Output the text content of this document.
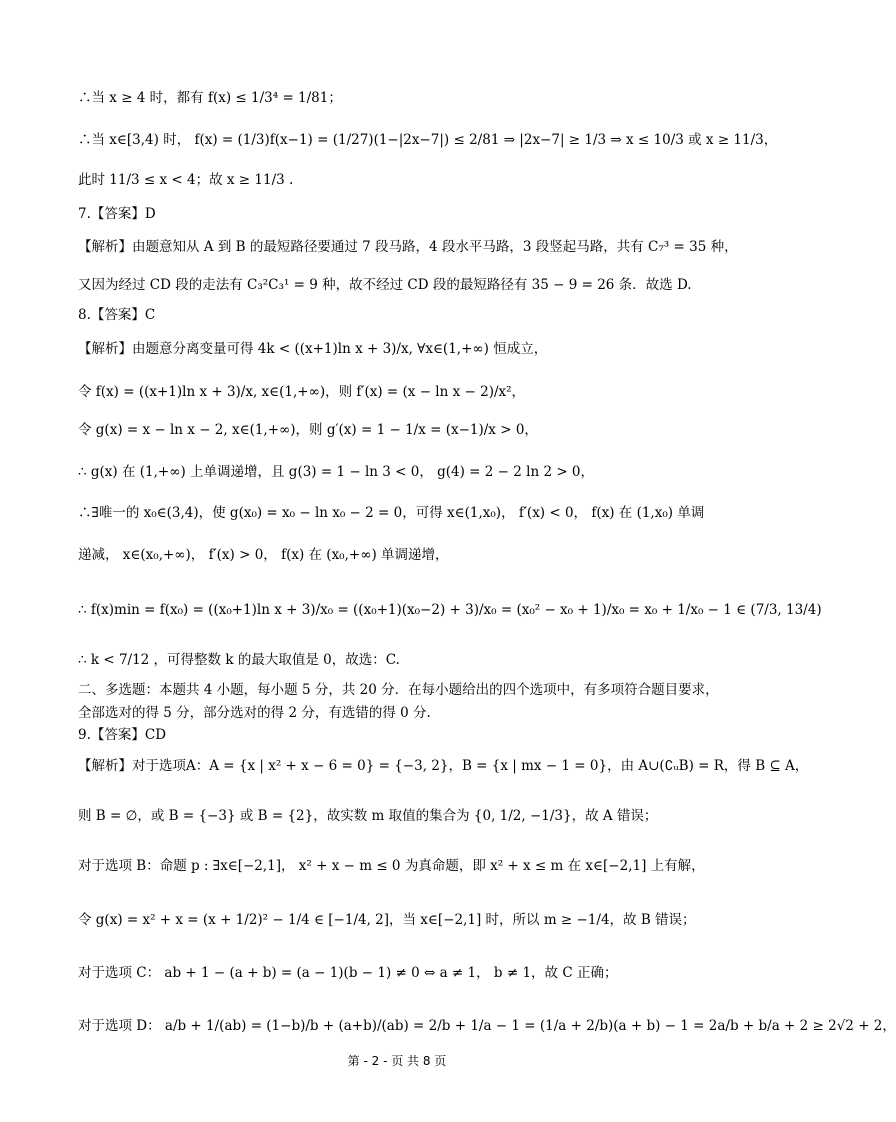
∴当 x ≥ 4 时，都有 f(x) ≤ 1/3⁴ = 1/81；
∴当 x∈[3,4) 时， f(x) = (1/3)f(x−1) = (1/27)(1−|2x−7|) ≤ 2/81 ⇒ |2x−7| ≥ 1/3 ⇒ x ≤ 10/3 或 x ≥ 11/3，
此时 11/3 ≤ x < 4；故 x ≥ 11/3 .
7.【答案】D
【解析】由题意知从 A 到 B 的最短路径要通过 7 段马路，4 段水平马路，3 段竖起马路，共有 C₇³ = 35 种，
又因为经过 CD 段的走法有 C₃²C₃¹ = 9 种，故不经过 CD 段的最短路径有 35 − 9 = 26 条．故选 D.
8.【答案】C
【解析】由题意分离变量可得 4k < ((x+1)ln x + 3)/x, ∀x∈(1,+∞) 恒成立，
令 f(x) = ((x+1)ln x + 3)/x, x∈(1,+∞)，则 f′(x) = (x − ln x − 2)/x²，
令 g(x) = x − ln x − 2, x∈(1,+∞)，则 g′(x) = 1 − 1/x = (x−1)/x > 0，
∴ g(x) 在 (1,+∞) 上单调递增，且 g(3) = 1 − ln 3 < 0， g(4) = 2 − 2 ln 2 > 0，
∴∃唯一的 x₀∈(3,4)，使 g(x₀) = x₀ − ln x₀ − 2 = 0，可得 x∈(1,x₀)， f′(x) < 0， f(x) 在 (1,x₀) 单调
递减， x∈(x₀,+∞)， f′(x) > 0， f(x) 在 (x₀,+∞) 单调递增，
∴ f(x)min = f(x₀) = ((x₀+1)ln x + 3)/x₀ = ((x₀+1)(x₀−2) + 3)/x₀ = (x₀² − x₀ + 1)/x₀ = x₀ + 1/x₀ − 1 ∈ (7/3, 13/4)
∴ k < 7/12 ，可得整数 k 的最大取值是 0，故选：C.
二、多选题：本题共 4 小题，每小题 5 分，共 20 分．在每小题给出的四个选项中，有多项符合题目要求，
全部选对的得 5 分，部分选对的得 2 分，有选错的得 0 分.
9.【答案】CD
【解析】对于选项A：A = {x | x² + x − 6 = 0} = {−3, 2}，B = {x | mx − 1 = 0}，由 A∪(∁ᵤB) = R，得 B ⊆ A，
则 B = ∅，或 B = {−3} 或 B = {2}，故实数 m 取值的集合为 {0, 1/2, −1/3}，故 A 错误；
对于选项 B：命题 p : ∃x∈[−2,1]， x² + x − m ≤ 0 为真命题，即 x² + x ≤ m 在 x∈[−2,1] 上有解，
令 g(x) = x² + x = (x + 1/2)² − 1/4 ∈ [−1/4, 2]，当 x∈[−2,1] 时，所以 m ≥ −1/4，故 B 错误；
对于选项 C： ab + 1 − (a + b) = (a − 1)(b − 1) ≠ 0 ⇔ a ≠ 1， b ≠ 1，故 C 正确；
对于选项 D： a/b + 1/(ab) = (1−b)/b + (a+b)/(ab) = 2/b + 1/a − 1 = (1/a + 2/b)(a + b) − 1 = 2a/b + b/a + 2 ≥ 2√2 + 2，
第 - 2 - 页 共 8 页
